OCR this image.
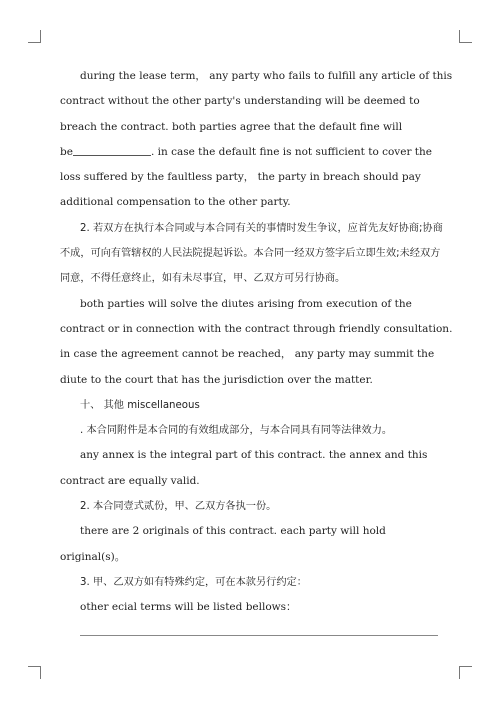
during the lease term， any party who fails to fulfill any article of this

contract without the other party's understanding will be deemed to

breach the contract. both parties agree that the default fine will

be	. in case the default fine is not sufficient to cover the

loss suffered by the faultless party， the party in breach should pay

additional compensation to the other party.

2. 若双方在执行本合同或与本合同有关的事情时发生争议，应首先友好协商;协商

不成，可向有管辖权的人民法院提起诉讼。本合同一经双方签字后立即生效;未经双方

同意，不得任意终止，如有未尽事宜，甲、乙双方可另行协商。

both parties will solve the diutes arising from execution of the

contract or in connection with the contract through friendly consultation.

in case the agreement cannot be reached， any party may summit the

diute to the court that has the jurisdiction over the matter.

十、 其他 miscellaneous

. 本合同附件是本合同的有效组成部分，与本合同具有同等法律效力。

any annex is the integral part of this contract. the annex and this

contract are equally valid.

2. 本合同壹式贰份，甲、乙双方各执一份。

there are 2 originals of this contract. each party will hold

original(s)。

3. 甲、乙双方如有特殊约定，可在本款另行约定：

other ecial terms will be listed bellows：
